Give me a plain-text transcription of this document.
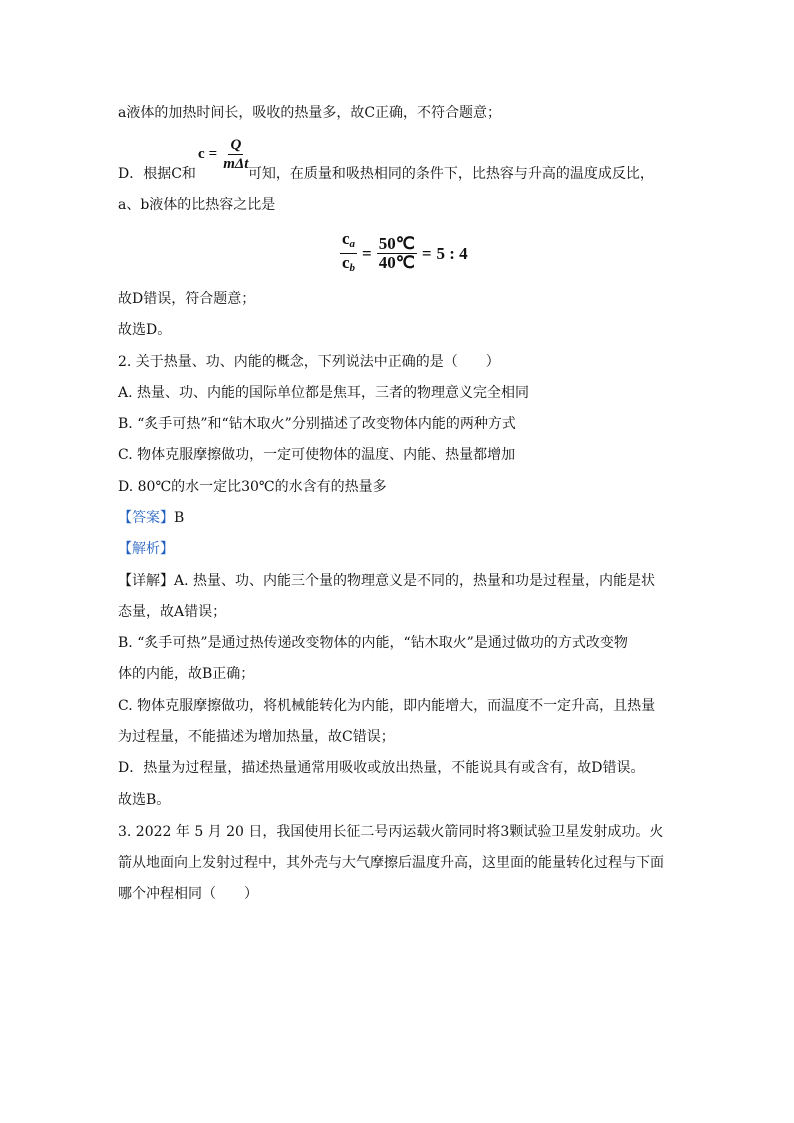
a液体的加热时间长，吸收的热量多，故C正确，不符合题意；
$c = \frac{Q}{\text{mΔt}}$
D．根据C和	可知，在质量和吸热相同的条件下，比热容与升高的温度成反比，
a、b液体的比热容之比是
$\frac{c_a}{c_b} = \frac{50℃}{40℃} = 5$ : 4
故D错误，符合题意；
故选D。
2. 关于热量、功、内能的概念，下列说法中正确的是（　　）
A. 热量、功、内能的国际单位都是焦耳，三者的物理意义完全相同
B. “炙手可热”和“钻木取火”分别描述了改变物体内能的两种方式
C. 物体克服摩擦做功，一定可使物体的温度、内能、热量都增加
D. 80℃的水一定比30℃的水含有的热量多
【答案】B
【解析】
【详解】A. 热量、功、内能三个量的物理意义是不同的，热量和功是过程量，内能是状
态量，故A错误；
B. “炙手可热”是通过热传递改变物体的内能，“钻木取火”是通过做功的方式改变物
体的内能，故B正确；
C. 物体克服摩擦做功，将机械能转化为内能，即内能增大，而温度不一定升高，且热量
为过程量，不能描述为增加热量，故C错误；
D．热量为过程量，描述热量通常用吸收或放出热量，不能说具有或含有，故D错误。
故选B。
3. 2022 年 5 月 20 日，我国使用长征二号丙运载火箭同时将3颗试验卫星发射成功。火
箭从地面向上发射过程中，其外壳与大气摩擦后温度升高，这里面的能量转化过程与下面
哪个冲程相同（　　）
